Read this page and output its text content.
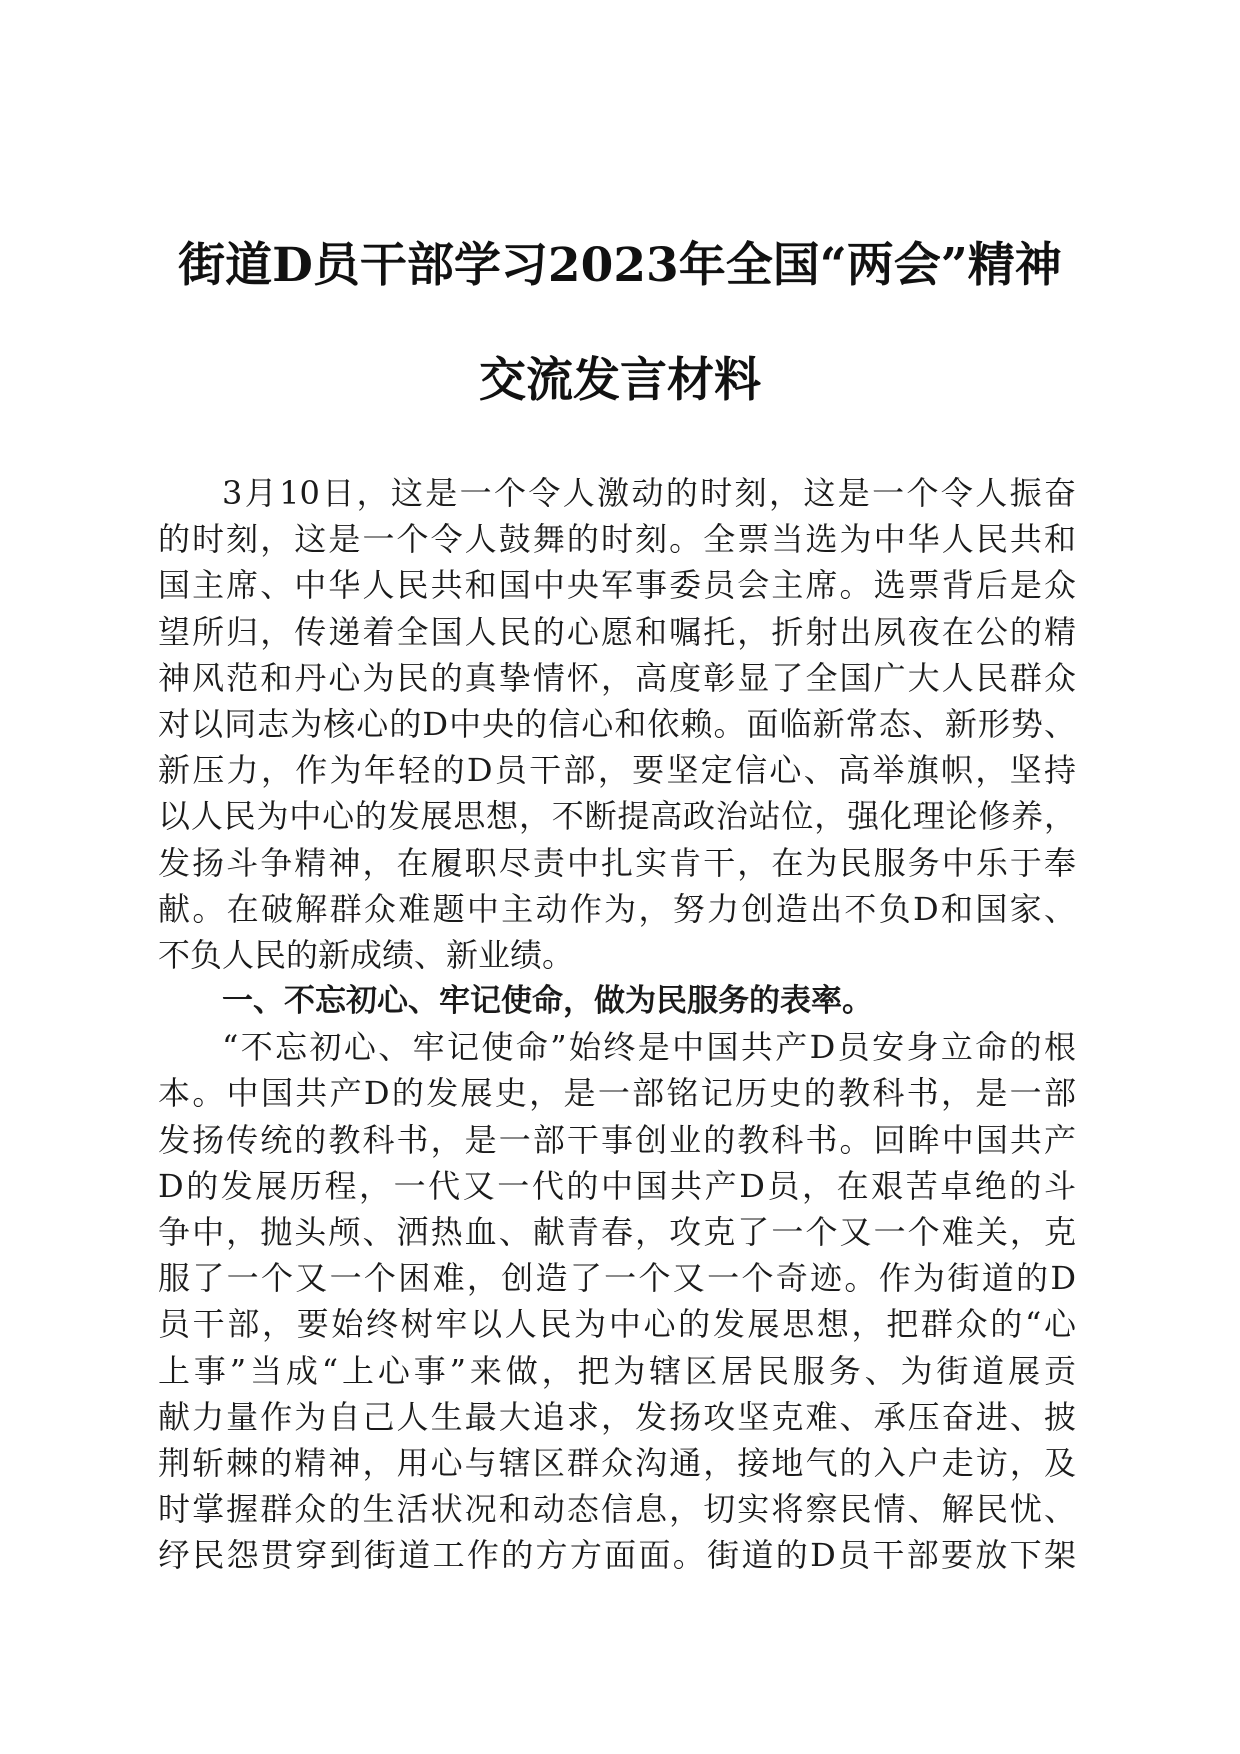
街道D员干部学习2023年全国“两会”精神
交流发言材料
3月10日，这是一个令人激动的时刻，这是一个令人振奋
的时刻，这是一个令人鼓舞的时刻。全票当选为中华人民共和
国主席、中华人民共和国中央军事委员会主席。选票背后是众
望所归，传递着全国人民的心愿和嘱托，折射出夙夜在公的精
神风范和丹心为民的真挚情怀，高度彰显了全国广大人民群众
对以同志为核心的D中央的信心和依赖。面临新常态、新形势、
新压力，作为年轻的D员干部，要坚定信心、高举旗帜，坚持
以人民为中心的发展思想，不断提高政治站位，强化理论修养，
发扬斗争精神，在履职尽责中扎实肯干，在为民服务中乐于奉
献。在破解群众难题中主动作为，努力创造出不负D和国家、
不负人民的新成绩、新业绩。
一、不忘初心、牢记使命，做为民服务的表率。
“不忘初心、牢记使命”始终是中国共产D员安身立命的根
本。中国共产D的发展史，是一部铭记历史的教科书，是一部
发扬传统的教科书，是一部干事创业的教科书。回眸中国共产
D的发展历程，一代又一代的中国共产D员，在艰苦卓绝的斗
争中，抛头颅、洒热血、献青春，攻克了一个又一个难关，克
服了一个又一个困难，创造了一个又一个奇迹。作为街道的D
员干部，要始终树牢以人民为中心的发展思想，把群众的“心
上事”当成“上心事”来做，把为辖区居民服务、为街道展贡
献力量作为自己人生最大追求，发扬攻坚克难、承压奋进、披
荆斩棘的精神，用心与辖区群众沟通，接地气的入户走访，及
时掌握群众的生活状况和动态信息，切实将察民情、解民忧、
纾民怨贯穿到街道工作的方方面面。街道的D员干部要放下架
